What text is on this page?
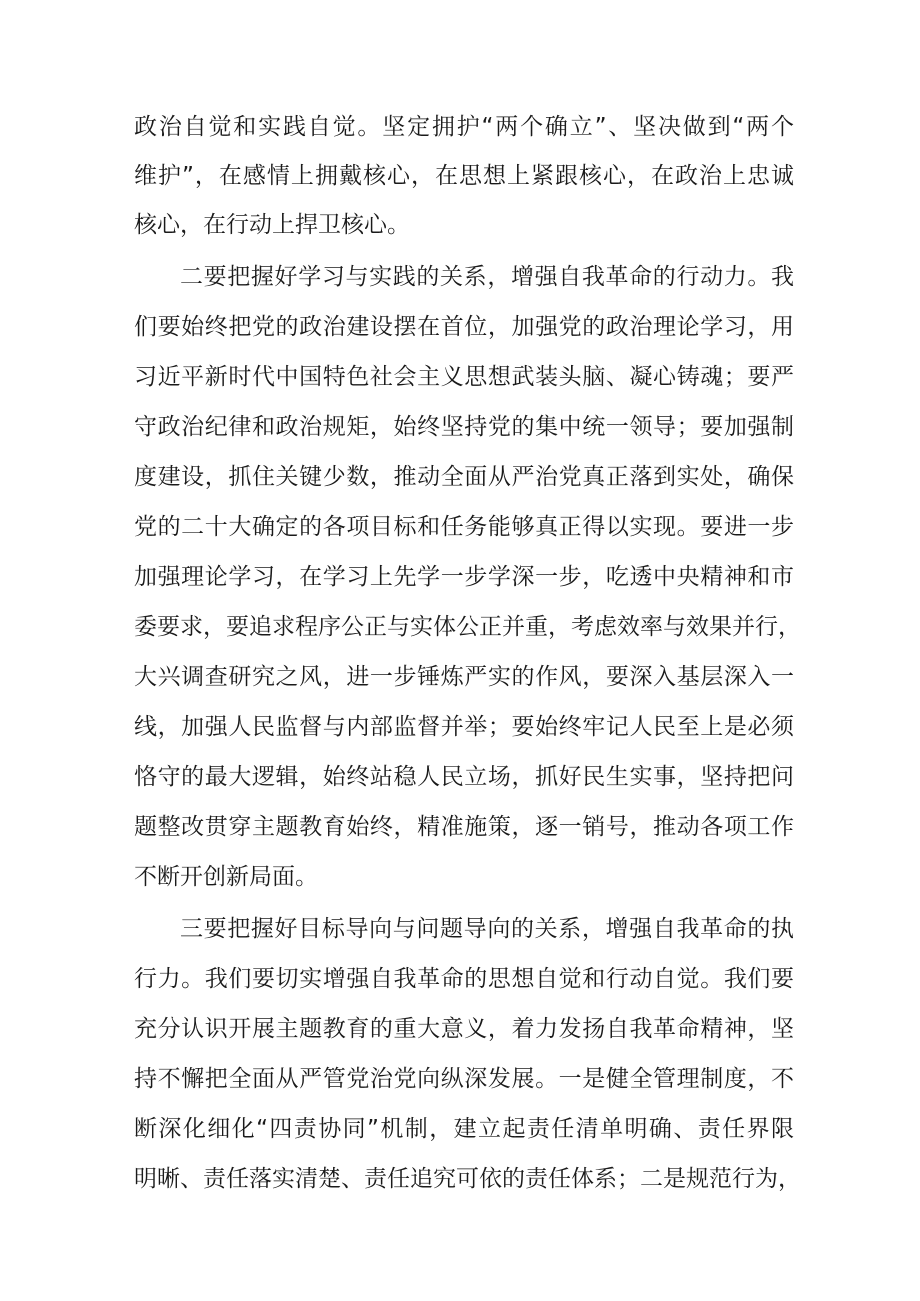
政治自觉和实践自觉。坚定拥护“两个确立”、坚决做到“两个
维护”，在感情上拥戴核心，在思想上紧跟核心，在政治上忠诚
核心，在行动上捍卫核心。
二要把握好学习与实践的关系，增强自我革命的行动力。我
们要始终把党的政治建设摆在首位，加强党的政治理论学习，用
习近平新时代中国特色社会主义思想武装头脑、凝心铸魂；要严
守政治纪律和政治规矩，始终坚持党的集中统一领导；要加强制
度建设，抓住关键少数，推动全面从严治党真正落到实处，确保
党的二十大确定的各项目标和任务能够真正得以实现。要进一步
加强理论学习，在学习上先学一步学深一步，吃透中央精神和市
委要求，要追求程序公正与实体公正并重，考虑效率与效果并行，
大兴调查研究之风，进一步锤炼严实的作风，要深入基层深入一
线，加强人民监督与内部监督并举；要始终牢记人民至上是必须
恪守的最大逻辑，始终站稳人民立场，抓好民生实事，坚持把问
题整改贯穿主题教育始终，精准施策，逐一销号，推动各项工作
不断开创新局面。
三要把握好目标导向与问题导向的关系，增强自我革命的执
行力。我们要切实增强自我革命的思想自觉和行动自觉。我们要
充分认识开展主题教育的重大意义，着力发扬自我革命精神，坚
持不懈把全面从严管党治党向纵深发展。一是健全管理制度，不
断深化细化“四责协同”机制，建立起责任清单明确、责任界限
明晰、责任落实清楚、责任追究可依的责任体系；二是规范行为，
